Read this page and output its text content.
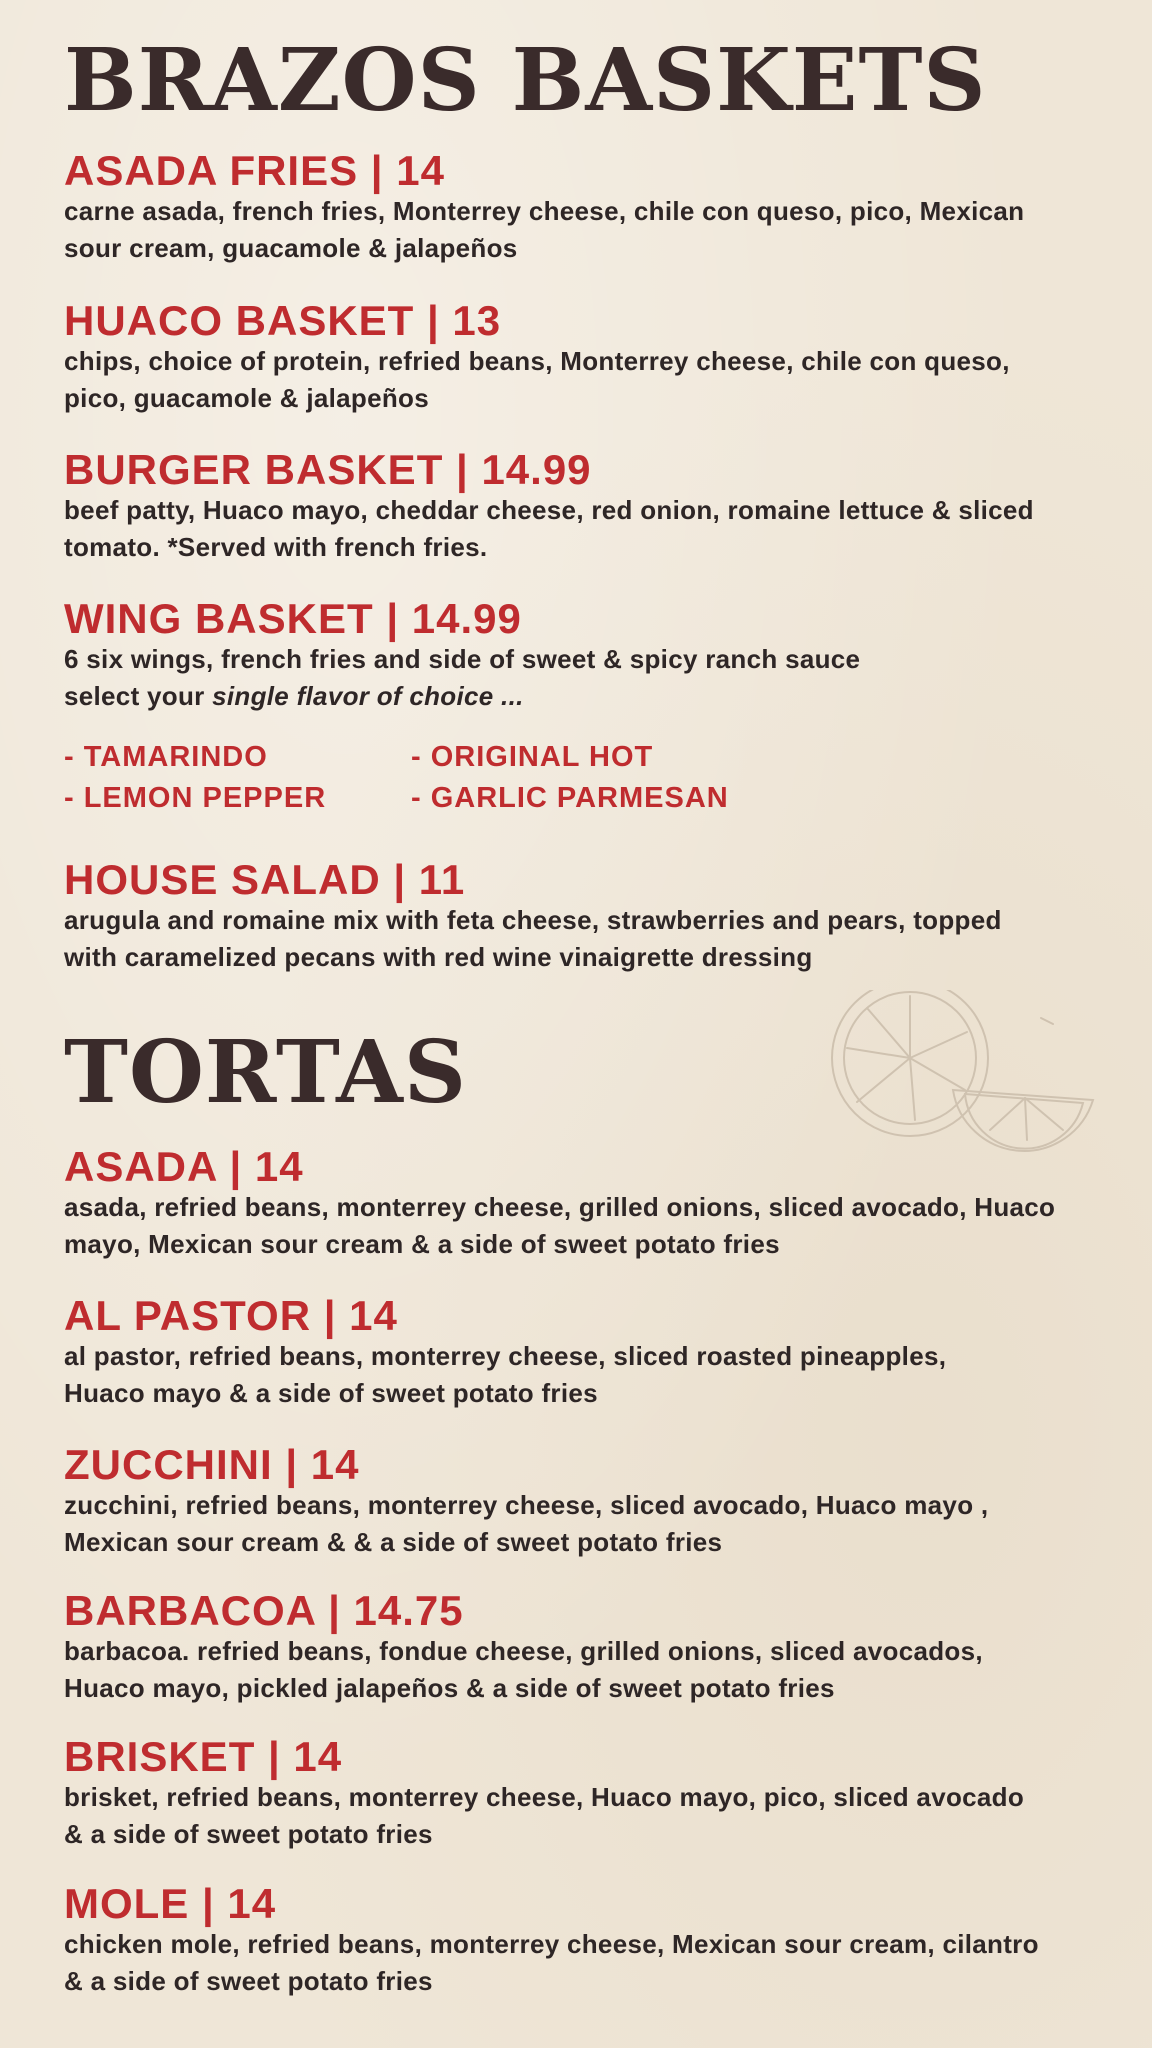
BRAZOS BASKETS
ASADA FRIES | 14
carne asada, french fries, Monterrey cheese, chile con queso, pico, Mexican
sour cream, guacamole & jalapeños
HUACO BASKET | 13
chips, choice of protein, refried beans, Monterrey cheese, chile con queso,
pico, guacamole & jalapeños
BURGER BASKET | 14.99
beef patty, Huaco mayo, cheddar cheese, red onion, romaine lettuce & sliced
tomato. *Served with french fries.
WING BASKET | 14.99
6 six wings, french fries and side of sweet & spicy ranch sauce
select your single flavor of choice ...
- TAMARINDO	- ORIGINAL HOT
- LEMON PEPPER	- GARLIC PARMESAN
HOUSE SALAD | 11
arugula and romaine mix with feta cheese, strawberries and pears, topped
with caramelized pecans with red wine vinaigrette dressing
TORTAS
ASADA | 14
asada, refried beans, monterrey cheese, grilled onions, sliced avocado, Huaco
mayo, Mexican sour cream & a side of sweet potato fries
AL PASTOR | 14
al pastor, refried beans, monterrey cheese, sliced roasted pineapples,
Huaco mayo & a side of sweet potato fries
ZUCCHINI | 14
zucchini, refried beans, monterrey cheese, sliced avocado, Huaco mayo ,
Mexican sour cream & & a side of sweet potato fries
BARBACOA | 14.75
barbacoa. refried beans, fondue cheese, grilled onions, sliced avocados,
Huaco mayo, pickled jalapeños & a side of sweet potato fries
BRISKET | 14
brisket, refried beans, monterrey cheese, Huaco mayo, pico, sliced avocado
& a side of sweet potato fries
MOLE | 14
chicken mole, refried beans, monterrey cheese, Mexican sour cream, cilantro
& a side of sweet potato fries
